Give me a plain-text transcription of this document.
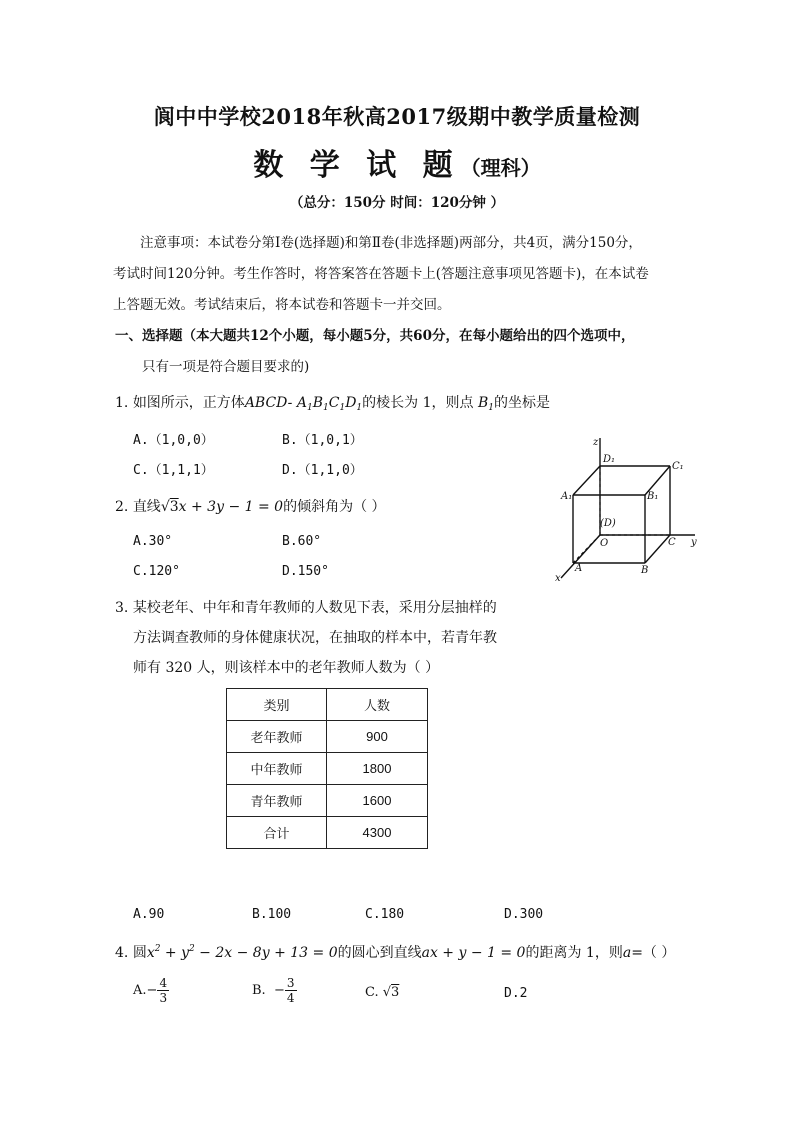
阆中中学校2018年秋高2017级期中教学质量检测
数 学 试 题（理科）
（总分：150分 时间：120分钟 ）
注意事项：本试卷分第Ⅰ卷(选择题)和第Ⅱ卷(非选择题)两部分，共4页，满分150分，
考试时间120分钟。考生作答时，将答案答在答题卡上(答题注意事项见答题卡)，在本试卷
上答题无效。考试结束后，将本试卷和答题卡一并交回。
一、选择题（本大题共12个小题，每小题5分，共60分，在每小题给出的四个选项中，
只有一项是符合题目要求的)
1. 如图所示，正方体ABCD- $A_1B_1C_1D_1$的棱长为 1，则点 $B_1$的坐标是
A.（1,0,0）	B.（1,0,1）
C.（1,1,1）	D.（1,1,0）
2. 直线√3x + 3y − 1 = 0的倾斜角为（ ）
A.30°	B.60°
C.120°	D.150°
z
D₁
C₁
A₁	B₁
(D)
O	C y
A	B
x
3. 某校老年、中年和青年教师的人数见下表，采用分层抽样的
方法调查教师的身体健康状况，在抽取的样本中，若青年教
师有 320 人，则该样本中的老年教师人数为（ ）
类别	人数
老年教师	900
中年教师	1800
青年教师	1600
合计	4300
A.90	B.100	C.180	D.300
4. 圆$x^2 + y^2 - 2x - 8y + 13 = 0$的圆心到直线ax + y − 1 = 0的距离为 1，则a=（ ）
$A.- \frac{4}{3}$	B.  − $\frac{3}{4}$	C. √3	D.2
